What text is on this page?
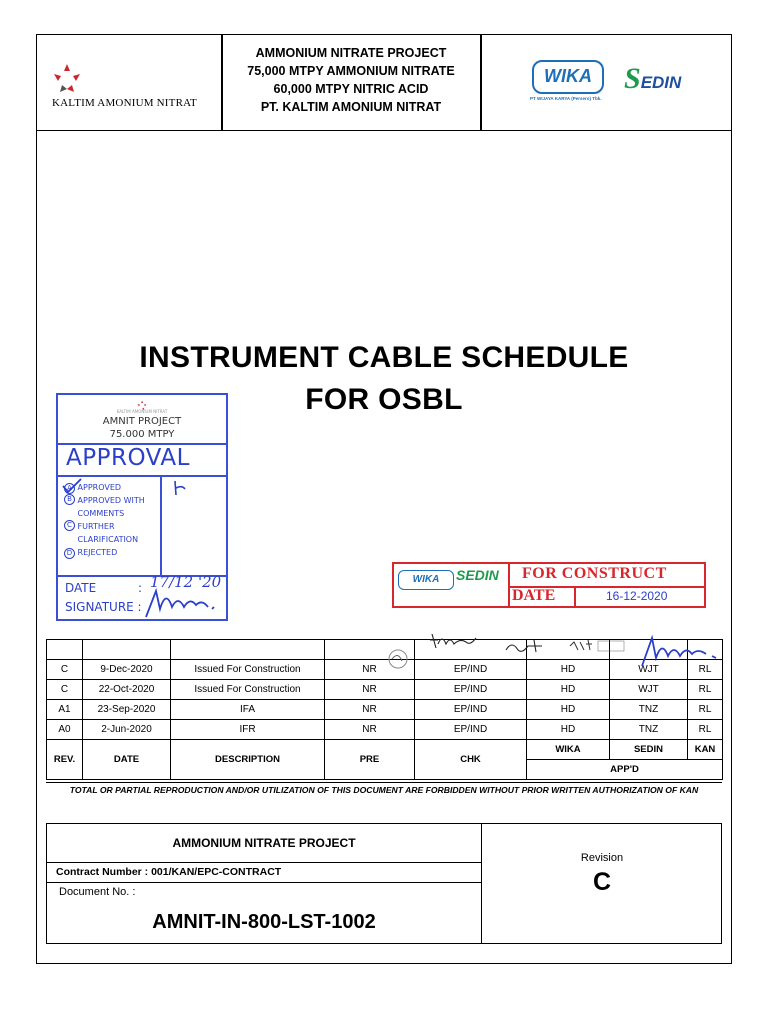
KALTIM AMONIUM NITRAT
AMMONIUM NITRATE PROJECT
75,000 MTPY AMMONIUM NITRATE
60,000 MTPY NITRIC ACID
PT. KALTIM AMONIUM NITRAT
WIKA
PT WIJAYA KARYA (Persero) Tbk.
SEDIN
INSTRUMENT CABLE SCHEDULE
FOR OSBL
KALTIM AMONIUM NITRAT
AMNIT PROJECT
75.000 MTPY
APPROVAL
A APPROVED
B APPROVED WITH COMMENTS
C FURTHER CLARIFICATION
D REJECTED
DATE	: 17/12 '20
SIGNATURE :
WIKA	SEDIN FOR CONSTRUCT
DATE	16-12-2020

C	9-Dec-2020	Issued For Construction	NR	EP/IND	HD	WJT	RL
C	22-Oct-2020	Issued For Construction	NR	EP/IND	HD	WJT	RL
A1	23-Sep-2020	IFA	NR	EP/IND	HD	TNZ	RL
A0	2-Jun-2020	IFR	NR	EP/IND	HD	TNZ	RL
REV.	DATE	DESCRIPTION	PRE	CHK	WIKA	SEDIN	KAN
					APP'D		
TOTAL OR PARTIAL REPRODUCTION AND/OR UTILIZATION OF THIS DOCUMENT ARE FORBIDDEN WITHOUT PRIOR WRITTEN AUTHORIZATION OF KAN
AMMONIUM NITRATE PROJECT
Contract Number : 001/KAN/EPC-CONTRACT
Document No. :
AMNIT-IN-800-LST-1002
Revision
C
